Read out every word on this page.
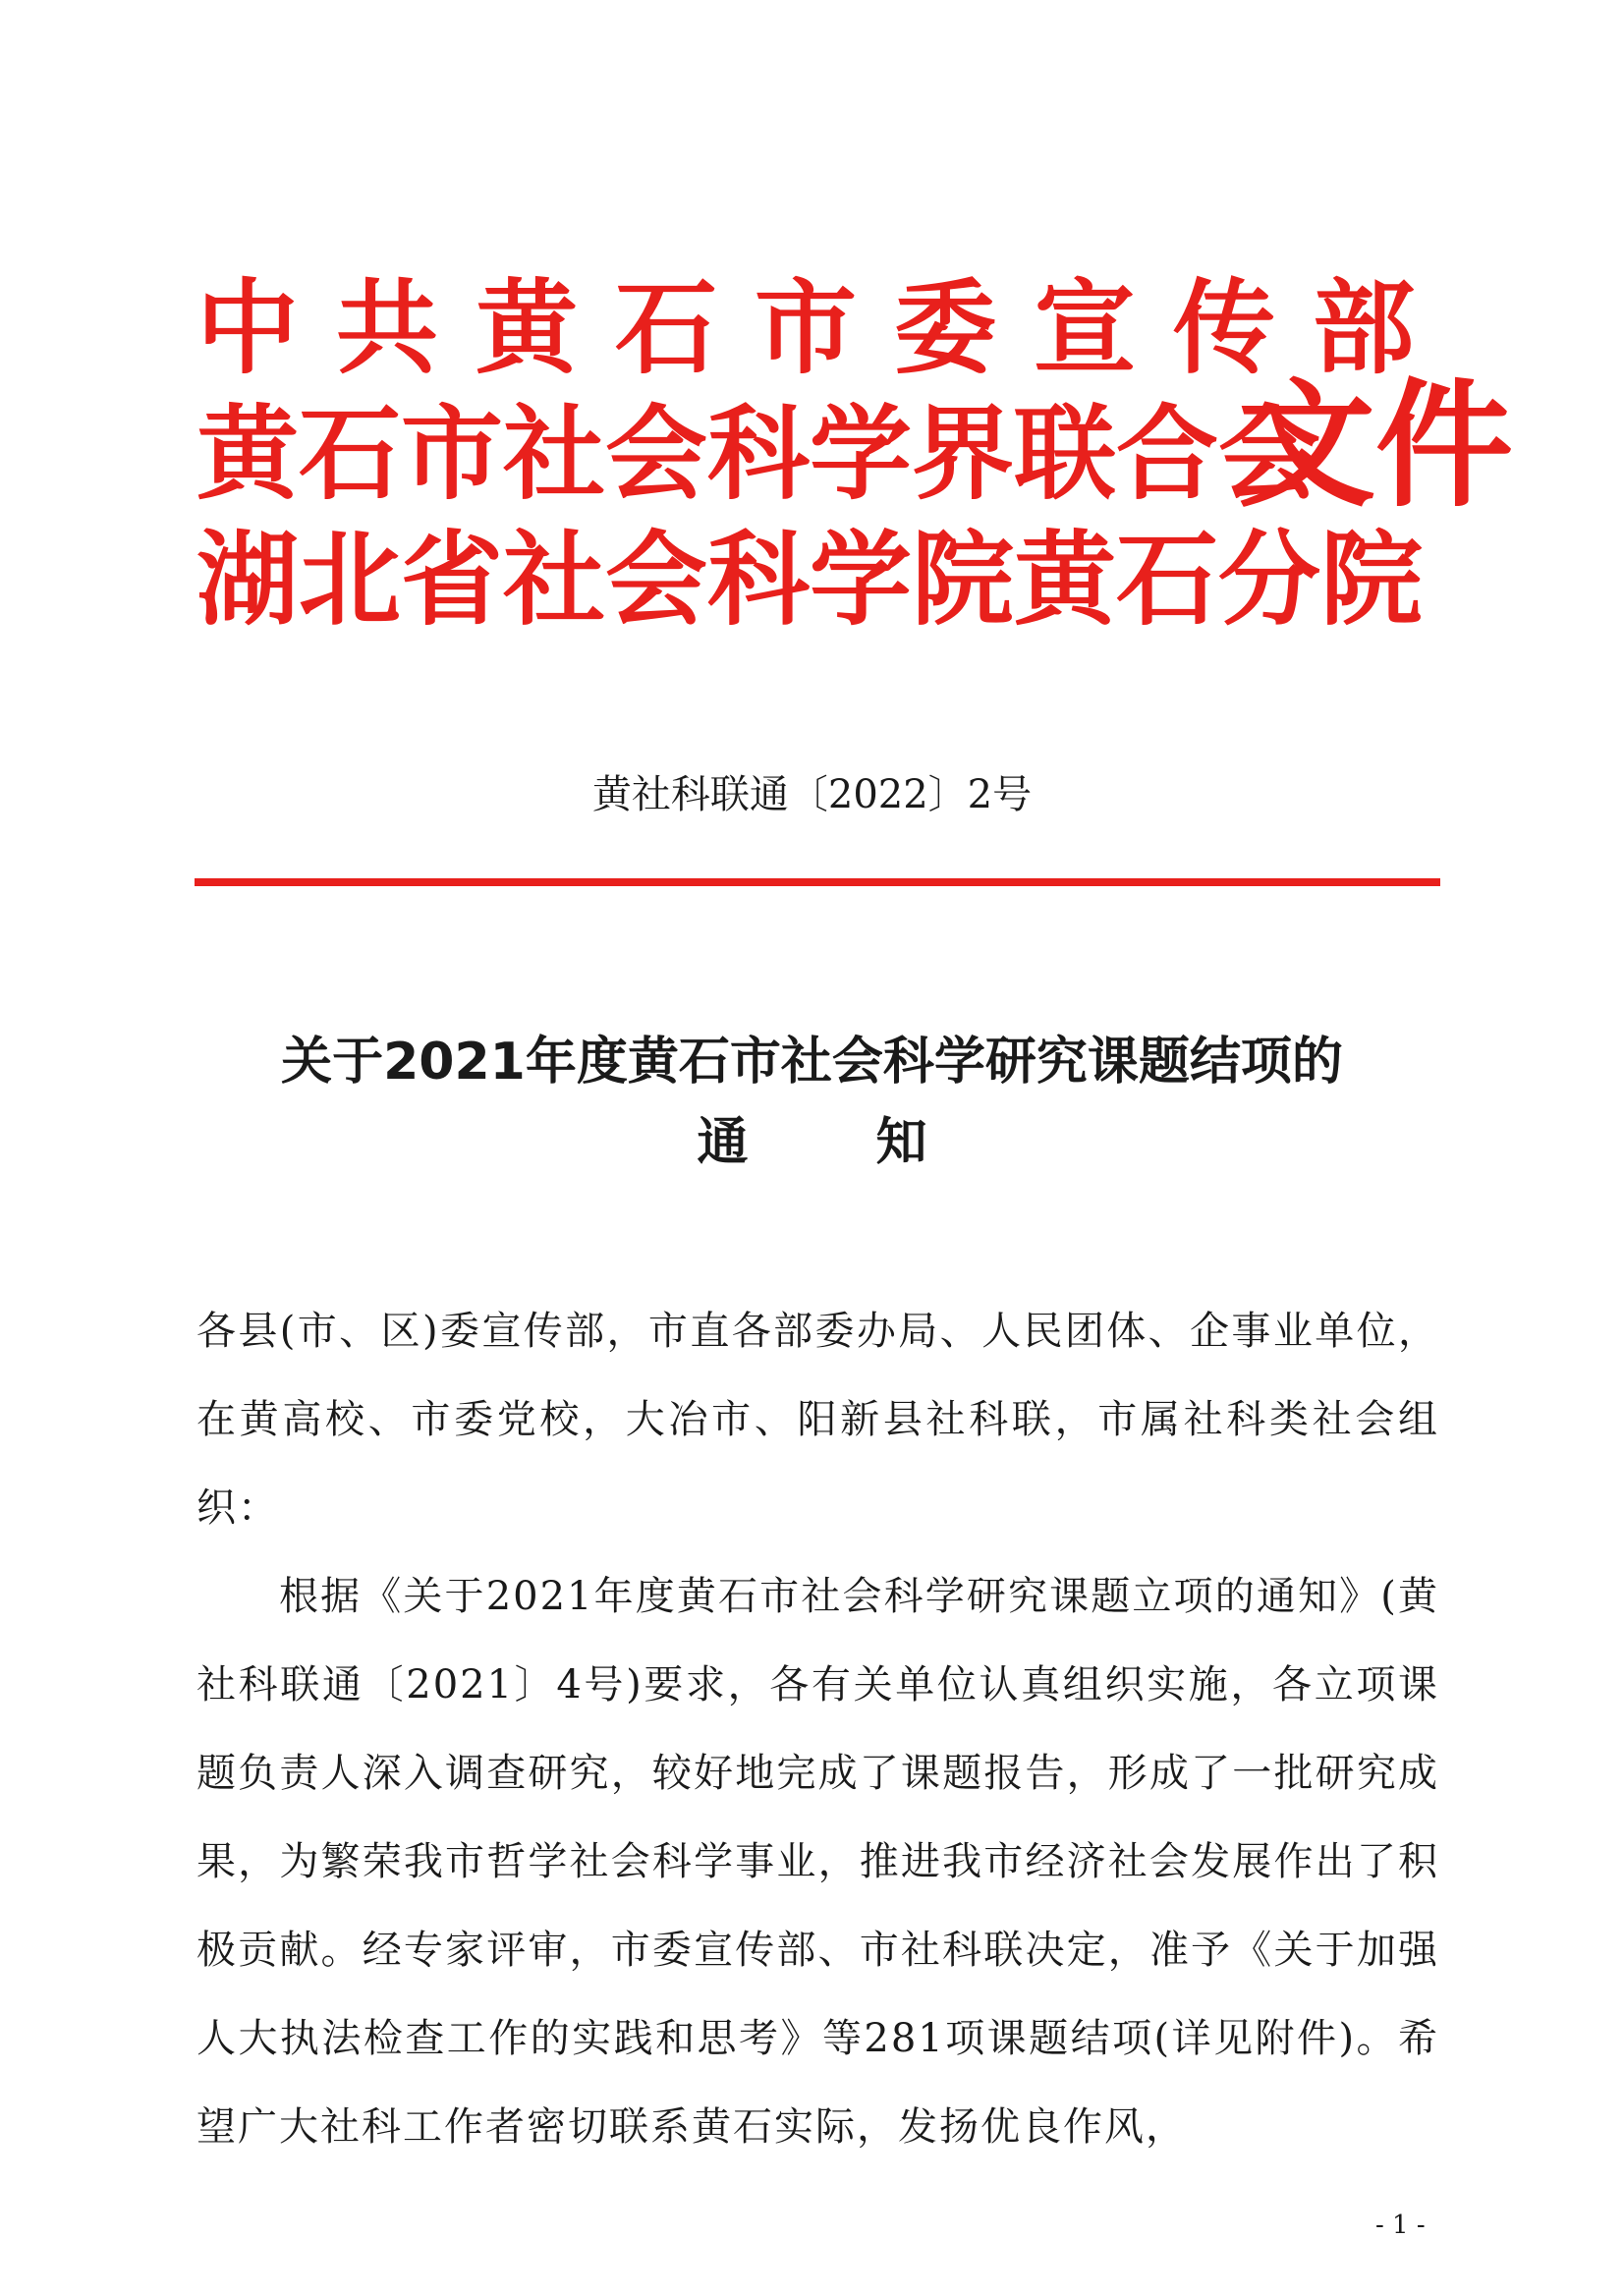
中共黄石市委宣传部
黄石市社会科学界联合会
湖北省社会科学院黄石分院
文件
黄社科联通〔2022〕2号
关于2021年度黄石市社会科学研究课题结项的
通知

各县(市、区)委宣传部，市直各部委办局、人民团体、企事业单位，在黄高校、市委党校，大冶市、阳新县社科联，市属社科类社会组织：

根据《关于2021年度黄石市社会科学研究课题立项的通知》(黄社科联通〔2021〕4号)要求，各有关单位认真组织实施，各立项课题负责人深入调查研究，较好地完成了课题报告，形成了一批研究成果，为繁荣我市哲学社会科学事业，推进我市经济社会发展作出了积极贡献。经专家评审，市委宣传部、市社科联决定，准予《关于加强人大执法检查工作的实践和思考》等281项课题结项(详见附件)。希望广大社科工作者密切联系黄石实际，发扬优良作风，

- 1 -
